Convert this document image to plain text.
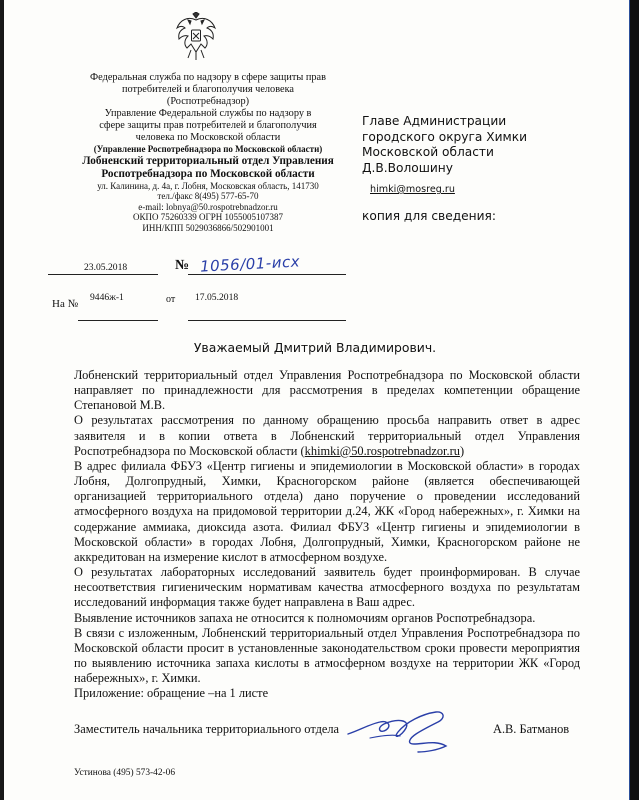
Федеральная служба по надзору в сфере защиты прав
потребителей и благополучия человека
(Роспотребнадзор)
Управление Федеральной службы по надзору в
сфере защиты прав потребителей и благополучия
человека по Московской области
(Управление Роспотребнадзора по Московской области)
Лобненский территориальный отдел Управления
Роспотребнадзора по Московской области
ул. Калинина, д. 4а, г. Лобня, Московская область, 141730
тел./факс 8(495) 577-65-70
e-mail: lobnya@50.rospotrebnadzor.ru
ОКПО 75260339 ОГРН 1055005107387
ИНН/КПП 5029036866/502901001
Главе Администрации
городского округа Химки
Московской области
Д.В.Волошину
himki@mosreg.ru
копия для сведения:
23.05.2018	№ 1056/01-исх
На №
9446ж-1	от 17.05.2018
Уважаемый Дмитрий Владимирович.

Лобненский территориальный отдел Управления Роспотребнадзора по Московской области направляет по принадлежности для рассмотрения в пределах компетенции обращение Степановой М.В.

О результатах рассмотрения по данному обращению просьба направить ответ в адрес заявителя и в копии ответа в Лобненский территориальный отдел Управления Роспотребнадзора по Московской области (khimki@50.rospotrebnadzor.ru)

В адрес филиала ФБУЗ «Центр гигиены и эпидемиологии в Московской области» в городах Лобня, Долгопрудный, Химки, Красногорском районе (является обеспечивающей организацией территориального отдела) дано поручение о проведении исследований атмосферного воздуха на придомовой территории д.24, ЖК «Город набережных», г. Химки на содержание аммиака, диоксида азота. Филиал ФБУЗ «Центр гигиены и эпидемиологии в Московской области» в городах Лобня, Долгопрудный, Химки, Красногорском районе не аккредитован на измерение кислот в атмосферном воздухе.

О результатах лабораторных исследований заявитель будет проинформирован. В случае несоответствия гигиеническим нормативам качества атмосферного воздуха по результатам исследований информация также будет направлена в Ваш адрес.

Выявление источников запаха не относится к полномочиям органов Роспотребнадзора.

В связи с изложенным, Лобненский территориальный отдел Управления Роспотребнадзора по Московской области просит в установленные законодательством сроки провести мероприятия по выявлению источника запаха кислоты в атмосферном воздухе на территории ЖК «Город набережных», г. Химки.

Приложение: обращение –на 1 листе

Заместитель начальника территориального отдела	А.В. Батманов
Устинова (495) 573-42-06
